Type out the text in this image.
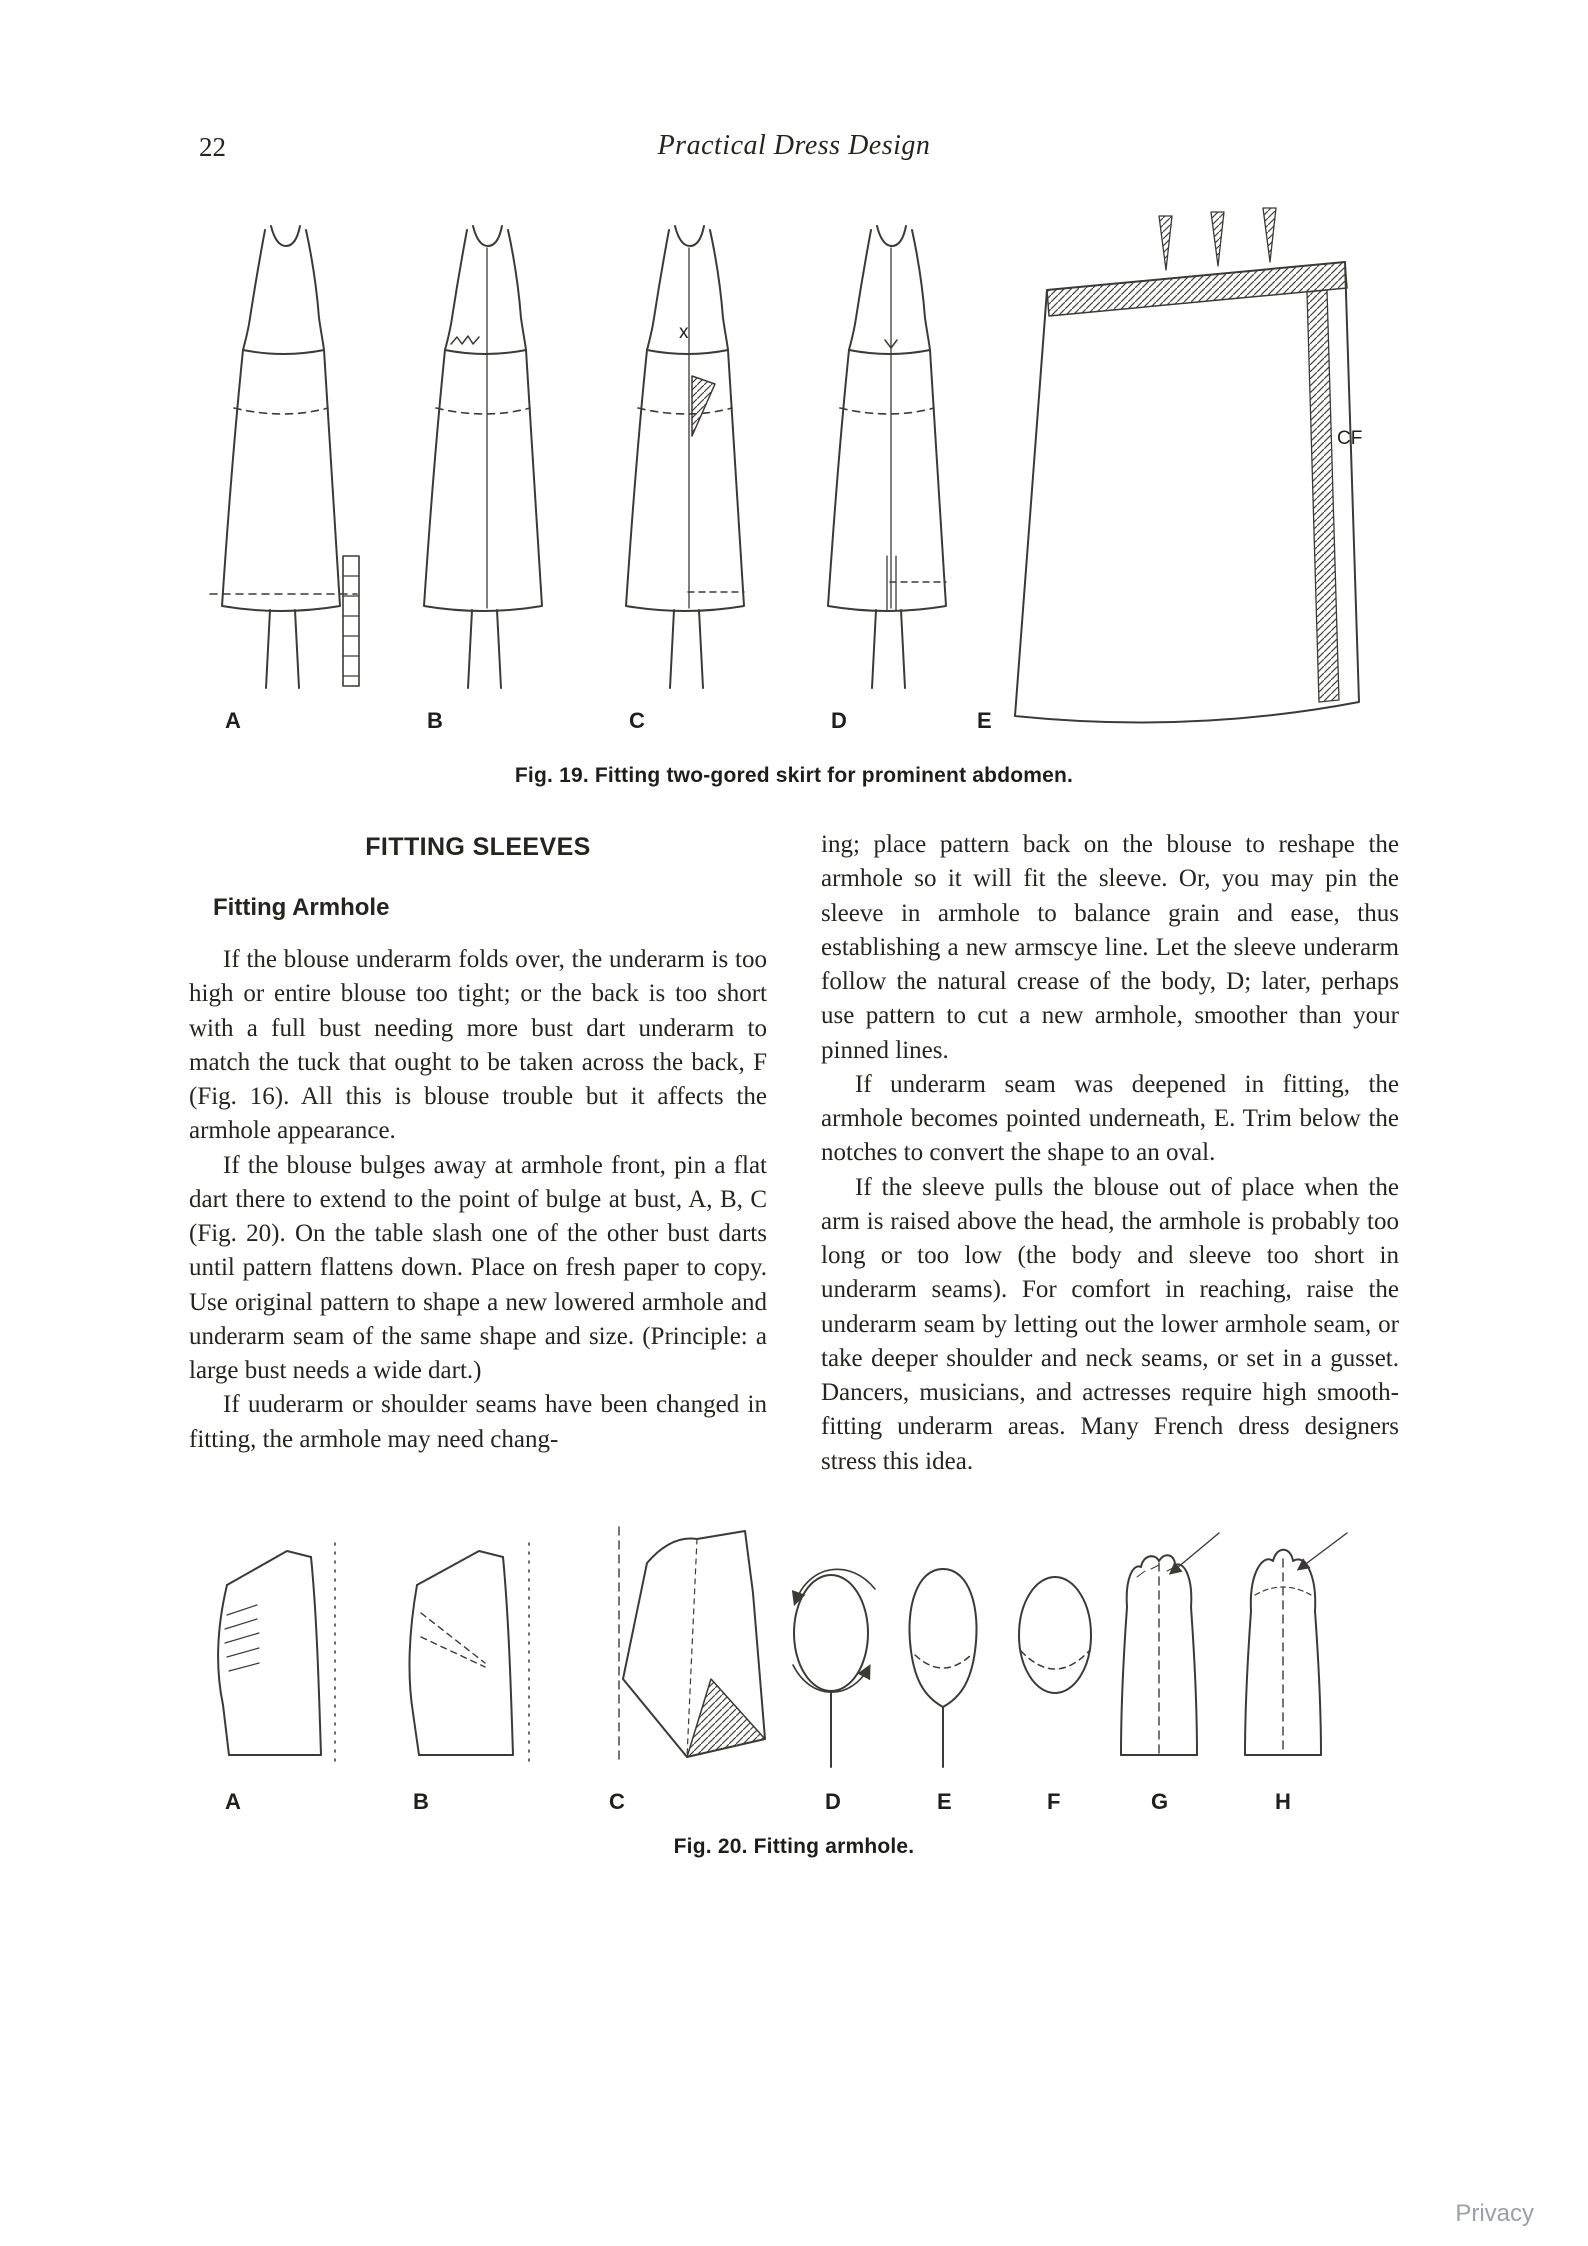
22	Practical Dress Design
x
CF
A	B	C	D	E
Fig. 19. Fitting two-gored skirt for prominent abdomen.
FITTING SLEEVES
Fitting Armhole

If the blouse underarm folds over, the underarm is too high or entire blouse too tight; or the back is too short with a full bust needing more bust dart underarm to match the tuck that ought to be taken across the back, F (Fig. 16). All this is blouse trouble but it affects the armhole appearance.

If the blouse bulges away at armhole front, pin a flat dart there to extend to the point of bulge at bust, A, B, C (Fig. 20). On the table slash one of the other bust darts until pattern flattens down. Place on fresh paper to copy. Use original pattern to shape a new lowered armhole and underarm seam of the same shape and size. (Principle: a large bust needs a wide dart.)

If uuderarm or shoulder seams have been changed in fitting, the armhole may need chang-

ing; place pattern back on the blouse to reshape the armhole so it will fit the sleeve. Or, you may pin the sleeve in armhole to balance grain and ease, thus establishing a new armscye line. Let the sleeve underarm follow the natural crease of the body, D; later, perhaps use pattern to cut a new armhole, smoother than your pinned lines.

If underarm seam was deepened in fitting, the armhole becomes pointed underneath, E. Trim below the notches to convert the shape to an oval.

If the sleeve pulls the blouse out of place when the arm is raised above the head, the armhole is probably too long or too low (the body and sleeve too short in underarm seams). For comfort in reaching, raise the underarm seam by letting out the lower armhole seam, or take deeper shoulder and neck seams, or set in a gusset. Dancers, musicians, and actresses require high smooth-fitting underarm areas. Many French dress designers stress this idea.

A	B	C	D	E	F	G	H
Fig. 20. Fitting armhole.
Privacy
